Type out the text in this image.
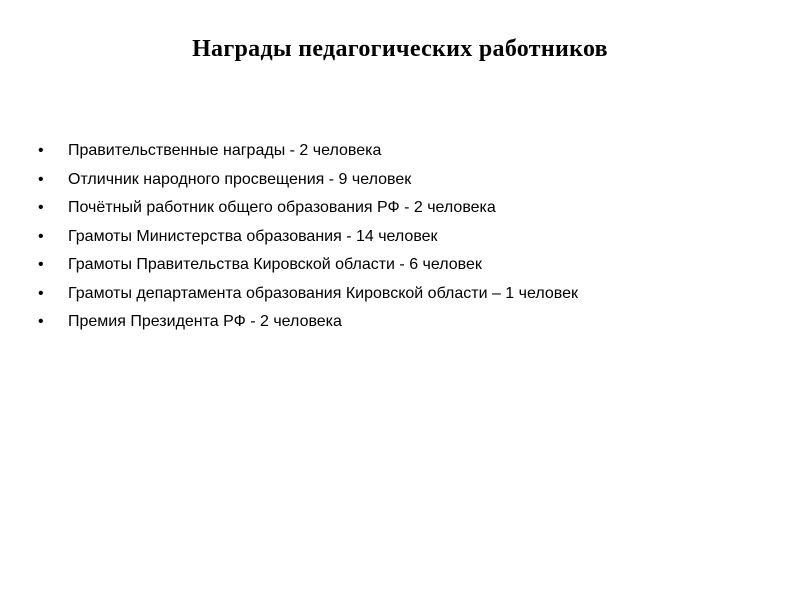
Награды педагогических работников
• Правительственные награды - 2 человека
• Отличник народного просвещения - 9 человек
• Почётный работник общего образования РФ - 2 человека
• Грамоты Министерства образования - 14 человек
• Грамоты Правительства Кировской области - 6 человек
• Грамоты департамента образования Кировской области – 1 человек
• Премия Президента РФ - 2 человека
